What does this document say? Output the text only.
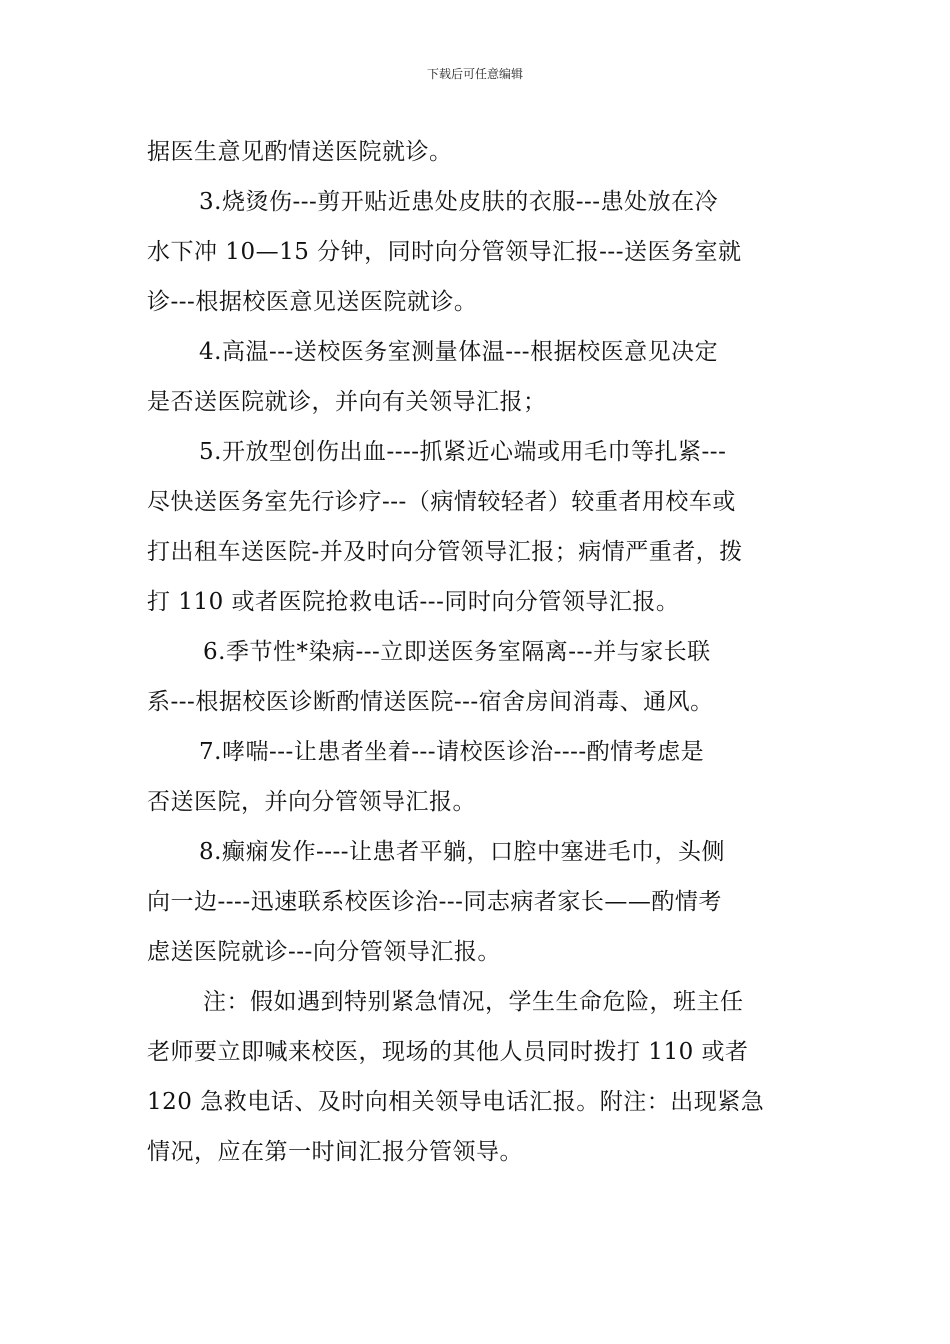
下载后可任意编辑
据医生意见酌情送医院就诊。
3.烧烫伤---剪开贴近患处皮肤的衣服---患处放在冷
水下冲 10—15 分钟，同时向分管领导汇报---送医务室就
诊---根据校医意见送医院就诊。
4.高温---送校医务室测量体温---根据校医意见决定
是否送医院就诊，并向有关领导汇报；
5.开放型创伤出血----抓紧近心端或用毛巾等扎紧---
尽快送医务室先行诊疗---（病情较轻者）较重者用校车或
打出租车送医院-并及时向分管领导汇报；病情严重者，拨
打 110 或者医院抢救电话---同时向分管领导汇报。
6.季节性*染病---立即送医务室隔离---并与家长联
系---根据校医诊断酌情送医院---宿舍房间消毒、通风。
7.哮喘---让患者坐着---请校医诊治----酌情考虑是
否送医院，并向分管领导汇报。
8.癫痫发作----让患者平躺，口腔中塞进毛巾，头侧
向一边----迅速联系校医诊治---同志病者家长——酌情考
虑送医院就诊---向分管领导汇报。
注：假如遇到特别紧急情况，学生生命危险，班主任
老师要立即喊来校医，现场的其他人员同时拨打 110 或者
120 急救电话、及时向相关领导电话汇报。附注：出现紧急
情况，应在第一时间汇报分管领导。
